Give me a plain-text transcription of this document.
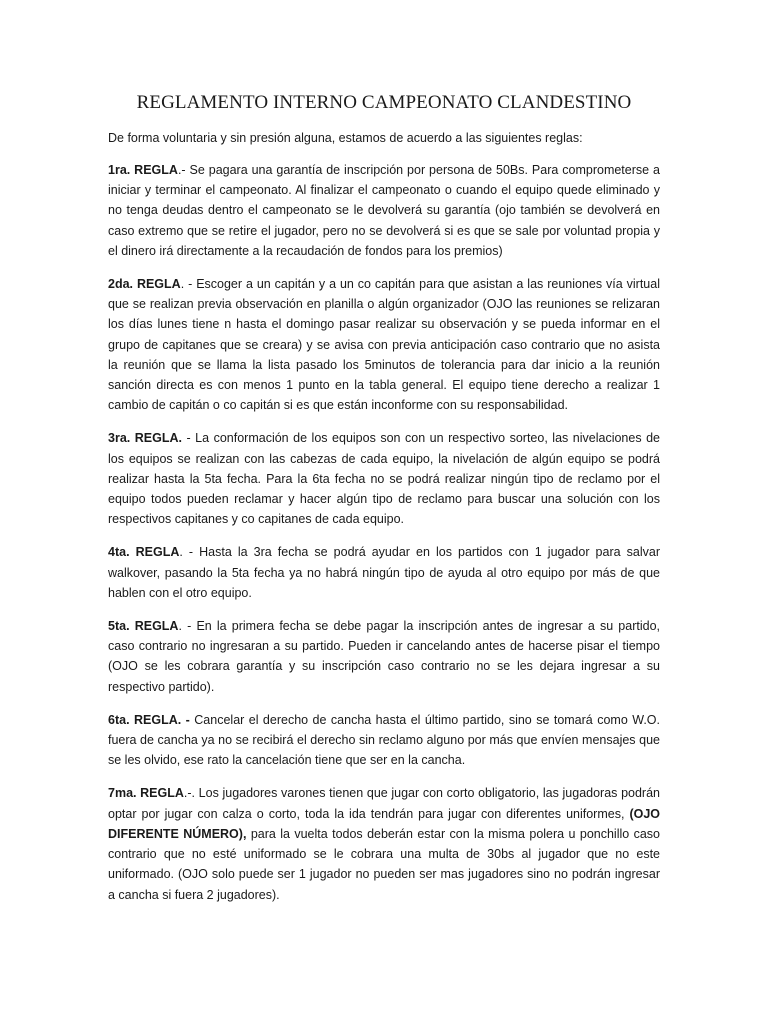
REGLAMENTO INTERNO CAMPEONATO CLANDESTINO

De forma voluntaria y sin presión alguna, estamos de acuerdo a las siguientes reglas:

1ra. REGLA.- Se pagara una garantía de inscripción por persona de 50Bs. Para comprometerse a iniciar y terminar el campeonato. Al finalizar el campeonato o cuando el equipo quede eliminado y no tenga deudas dentro el campeonato se le devolverá su garantía (ojo también se devolverá en caso extremo que se retire el jugador, pero no se devolverá si es que se sale por voluntad propia y el dinero irá directamente a la recaudación de fondos para los premios)

2da. REGLA. - Escoger a un capitán y a un co capitán para que asistan a las reuniones vía virtual que se realizan previa observación en planilla o algún organizador (OJO las reuniones se relizaran los días lunes tiene n hasta el domingo pasar realizar su observación y se pueda informar en el grupo de capitanes que se creara) y se avisa con previa anticipación caso contrario que no asista la reunión que se llama la lista pasado los 5minutos de tolerancia para dar inicio a la reunión sanción directa es con menos 1 punto en la tabla general. El equipo tiene derecho a realizar 1 cambio de capitán o co capitán si es que están inconforme con su responsabilidad.

3ra. REGLA. - La conformación de los equipos son con un respectivo sorteo, las nivelaciones de los equipos se realizan con las cabezas de cada equipo, la nivelación de algún equipo se podrá realizar hasta la 5ta fecha. Para la 6ta fecha no se podrá realizar ningún tipo de reclamo por el equipo todos pueden reclamar y hacer algún tipo de reclamo para buscar una solución con los respectivos capitanes y co capitanes de cada equipo.

4ta. REGLA. - Hasta la 3ra fecha se podrá ayudar en los partidos con 1 jugador para salvar walkover, pasando la 5ta fecha ya no habrá ningún tipo de ayuda al otro equipo por más de que hablen con el otro equipo.

5ta. REGLA. - En la primera fecha se debe pagar la inscripción antes de ingresar a su partido, caso contrario no ingresaran a su partido. Pueden ir cancelando antes de hacerse pisar el tiempo (OJO se les cobrara garantía y su inscripción caso contrario no se les dejara ingresar a su respectivo partido).

6ta. REGLA. - Cancelar el derecho de cancha hasta el último partido, sino se tomará como W.O. fuera de cancha ya no se recibirá el derecho sin reclamo alguno por más que envíen mensajes que se les olvido, ese rato la cancelación tiene que ser en la cancha.

7ma. REGLA.-. Los jugadores varones tienen que jugar con corto obligatorio, las jugadoras podrán optar por jugar con calza o corto, toda la ida tendrán para jugar con diferentes uniformes, (OJO DIFERENTE NÚMERO), para la vuelta todos deberán estar con la misma polera u ponchillo caso contrario que no esté uniformado se le cobrara una multa de 30bs al jugador que no este uniformado. (OJO solo puede ser 1 jugador no pueden ser mas jugadores sino no podrán ingresar a cancha si fuera 2 jugadores).
